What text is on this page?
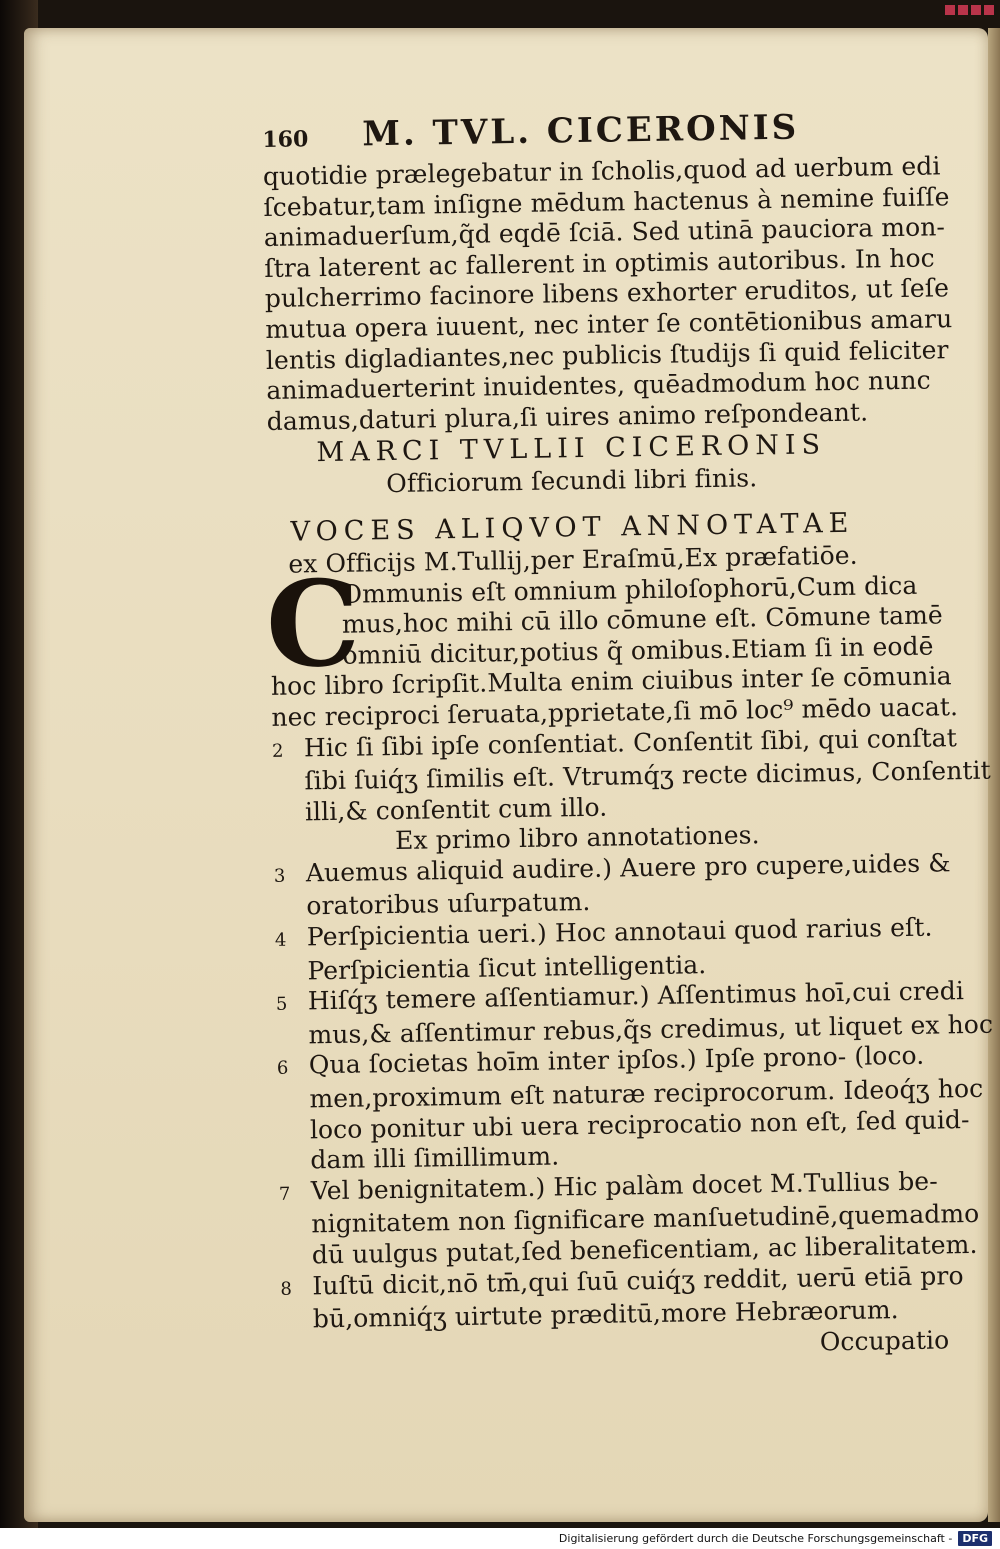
160	M. TVL. CICERONIS
quotidie prælegebatur in ſcholis,quod ad uerbum edi
ſcebatur,tam inſigne mēdum hactenus à nemine fuiſſe
animaduerſum,q̃d eqdē ſciā. Sed utinā pauciora mon-
ſtra laterent ac fallerent in optimis autoribus. In hoc
pulcherrimo facinore libens exhorter eruditos, ut ſeſe
mutua opera iuuent, nec inter ſe contētionibus amaru
lentis digladiantes,nec publicis ſtudijs ſi quid feliciter
animaduerterint inuidentes, quēadmodum hoc nunc
damus,daturi plura,ſi uires animo reſpondeant.
MARCI TVLLII CICERONIS
Officiorum ſecundi libri finis.
VOCES ALIQVOT ANNOTATAE
ex Officijs M.Tullij,per Eraſmū,Ex præfatiōe.
C
Ommunis eſt omnium philoſophorū,Cum dica
mus,hoc mihi cū illo cōmune eſt. Cōmune tamē
omniū dicitur,potius q̃ omibus.Etiam ſi in eodē
hoc libro ſcripſit.Multa enim ciuibus inter ſe cōmunia
nec reciproci ſeruata,pprietate,ſi mō loc⁹ mēdo uacat.
2 Hic ſi ſibi ipſe conſentiat. Conſentit ſibi, qui conſtat
ſibi ſuiq́ʒ ſimilis eſt. Vtrumq́ʒ recte dicimus, Conſentit
illi,& conſentit cum illo.
Ex primo libro annotationes.
3 Auemus aliquid audire.) Auere pro cupere,uides &
oratoribus uſurpatum.
4 Perſpicientia ueri.) Hoc annotaui quod rarius eſt.
Perſpicientia ſicut intelligentia.
5 Hiſq́ʒ temere aſſentiamur.) Aſſentimus hoī,cui credi
mus,& aſſentimur rebus,q̃s credimus, ut liquet ex hoc
6 Qua ſocietas hoīm inter ipſos.) Ipſe prono- (loco.
men,proximum eſt naturæ reciprocorum. Ideoq́ʒ hoc
loco ponitur ubi uera reciprocatio non eſt, ſed quid-
dam illi ſimillimum.
7 Vel benignitatem.) Hic palàm docet M.Tullius be-
nignitatem non ſignificare manſuetudinē,quemadmo
dū uulgus putat,ſed beneficentiam, ac liberalitatem.
8 Iuſtū dicit,nō tm̄,qui ſuū cuiq́ʒ reddit, uerū etiā pro
bū,omniq́ʒ uirtute præditū,more Hebræorum.
Occupatio
Digitalisierung gefördert durch die Deutsche Forschungsgemeinschaft - DFG
